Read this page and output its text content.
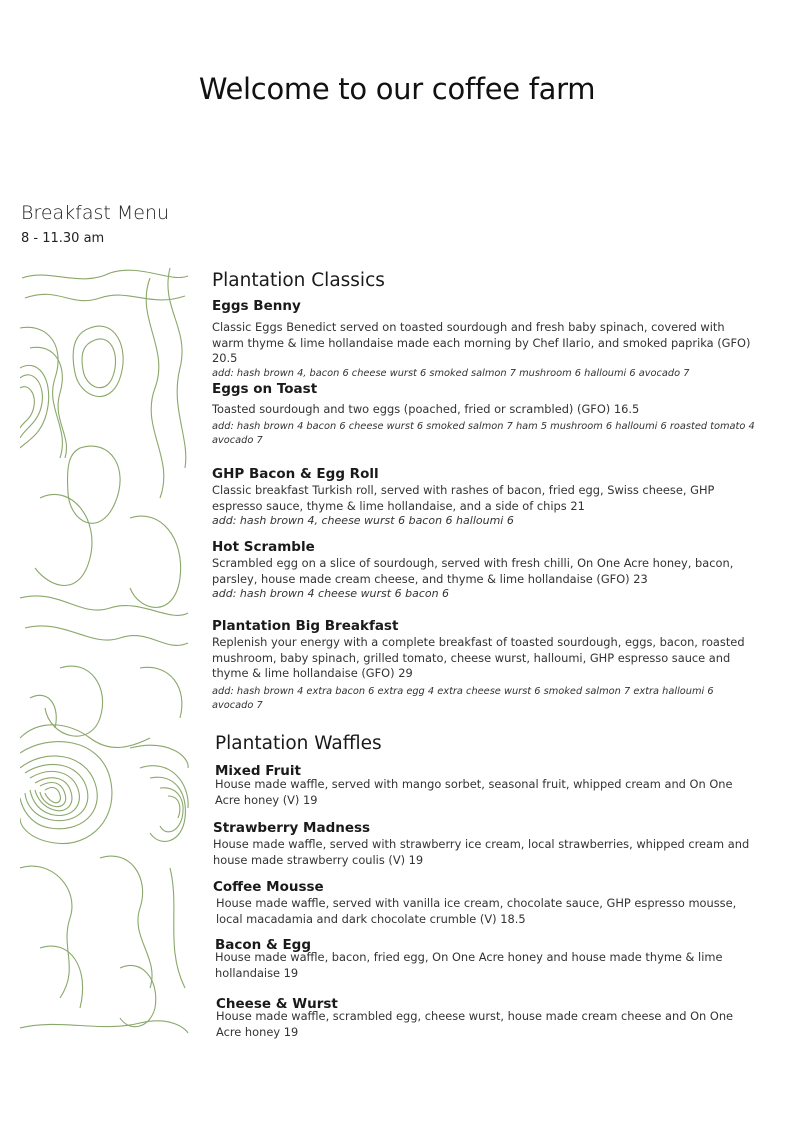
Welcome to our coffee farm
Breakfast Menu
8 - 11.30 am
Plantation Classics

Eggs Benny

Classic Eggs Benedict served on toasted sourdough and fresh baby spinach, covered with warm thyme & lime hollandaise made each morning by Chef Ilario, and smoked paprika (GFO) 20.5

add: hash brown 4, bacon 6 cheese wurst 6 smoked salmon 7 mushroom 6 halloumi 6 avocado 7

Eggs on Toast

Toasted sourdough and two eggs (poached, fried or scrambled) (GFO) 16.5

add: hash brown 4 bacon 6 cheese wurst 6 smoked salmon 7 ham 5 mushroom 6 halloumi 6 roasted tomato 4 avocado 7

GHP Bacon & Egg Roll

Classic breakfast Turkish roll, served with rashes of bacon, fried egg, Swiss cheese, GHP espresso sauce, thyme & lime hollandaise, and a side of chips 21

add: hash brown 4, cheese wurst 6 bacon 6 halloumi 6

Hot Scramble

Scrambled egg on a slice of sourdough, served with fresh chilli, On One Acre honey, bacon, parsley, house made cream cheese, and thyme & lime hollandaise (GFO) 23

add: hash brown 4 cheese wurst 6 bacon 6

Plantation Big Breakfast

Replenish your energy with a complete breakfast of toasted sourdough, eggs, bacon, roasted mushroom, baby spinach, grilled tomato, cheese wurst, halloumi, GHP espresso sauce and thyme & lime hollandaise (GFO) 29

add: hash brown 4 extra bacon 6 extra egg 4 extra cheese wurst 6 smoked salmon 7 extra halloumi 6 avocado 7

Plantation Waffles

Mixed Fruit

House made waffle, served with mango sorbet, seasonal fruit, whipped cream and On One Acre honey (V) 19

Strawberry Madness

House made waffle, served with strawberry ice cream, local strawberries, whipped cream and house made strawberry coulis (V) 19

Coffee Mousse

House made waffle, served with vanilla ice cream, chocolate sauce, GHP espresso mousse, local macadamia and dark chocolate crumble (V) 18.5

Bacon & Egg

House made waffle, bacon, fried egg, On One Acre honey and house made thyme & lime hollandaise 19

Cheese & Wurst

House made waffle, scrambled egg, cheese wurst, house made cream cheese and On One Acre honey 19
